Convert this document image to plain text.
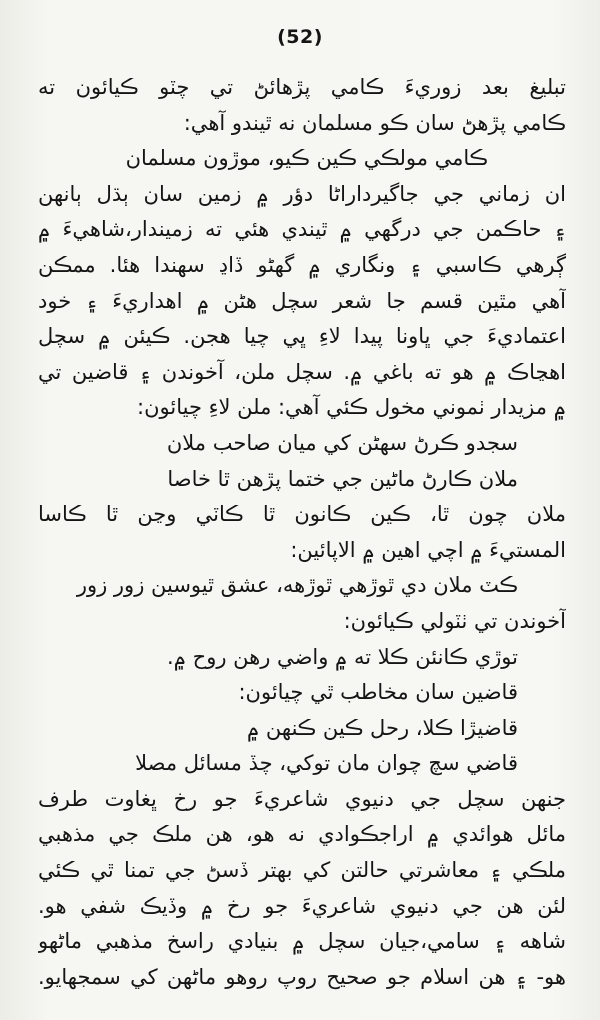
(52)
تبليغ بعد زوريءَ ڪامي پڙهائڻ تي چٽو ڪيائون ته
ڪامي پڙهڻ سان ڪو مسلمان نه ٿيندو آهي:
ڪامي مولڪي ڪين ڪيو، موڙون مسلمان
ان زماني جي جاگيرداراڻا دؤر ۾ زمين سان ٻڌل ٻانهن
۽ حاڪمن جي درگهي ۾ ٿيندي هئي ته زميندار،شاهيءَ ۾
ڳرهي ڪاسبي ۽ ونگاري ۾ گهڻو ڏاڍ سهندا هئا. ممڪن
آهي مٿين قسم جا شعر سچل هڻن ۾ اهداريءَ ۽ خود
اعتماديءَ جي ڀاونا پيدا لاءِ ڀي چيا هجن. ڪيئن ۾ سچل
اهڃاڪ ۾ هو ته باغي ۾. سچل ملن، آخوندن ۽ قاضين تي
۾ مزيدار ٺموني مخول ڪئي آهي: ملن لاءِ چيائون:
سجدو ڪرڻ سهڻن کي ميان صاحب ملان
ملان ڪارڻ ماڻين جي ختما پڙهن ٿا خاصا
ملان چون ٿا، ڪين ڪانون ٿا ڪاٽي وڃن ٿا ڪاسا
المستيءَ ۾ اچي اهين ۾ الاپائين:
ڪٽ ملان دي ٿوڙهي ٿوڙهه، عشق ٿيوسين زور زور
آخوندن تي ٺٽولي ڪيائون:
توڙي ڪانئن ڪلا ته ۾ واضي رهن روح ۾.
قاضين سان مخاطب ٿي چيائون:
قاضيڙا ڪلا، رحل ڪين ڪنهن ۾
قاضي سچ چوان مان توکي، چڏ مسائل مصلا
جنهن سچل جي دنيوي شاعريءَ جو رخ ڀغاوت طرف
مائل هوائدي ۾ اراجڪوادي نه هو، هن ملڪ جي مذهبي
ملڪي ۽ معاشرتي حالتن کي بهتر ڏسڻ جي تمنا ٿي ڪئي
لئن هن جي دنيوي شاعريءَ جو رخ ۾ وڏيڪ شفي هو.
شاهه ۽ سامي،جيان سچل ۾ بنيادي راسخ مذهبي ماڻهو
هو- ۽ هن اسلام جو صحيح روپ روهو ماڻهن کي سمجهايو.
